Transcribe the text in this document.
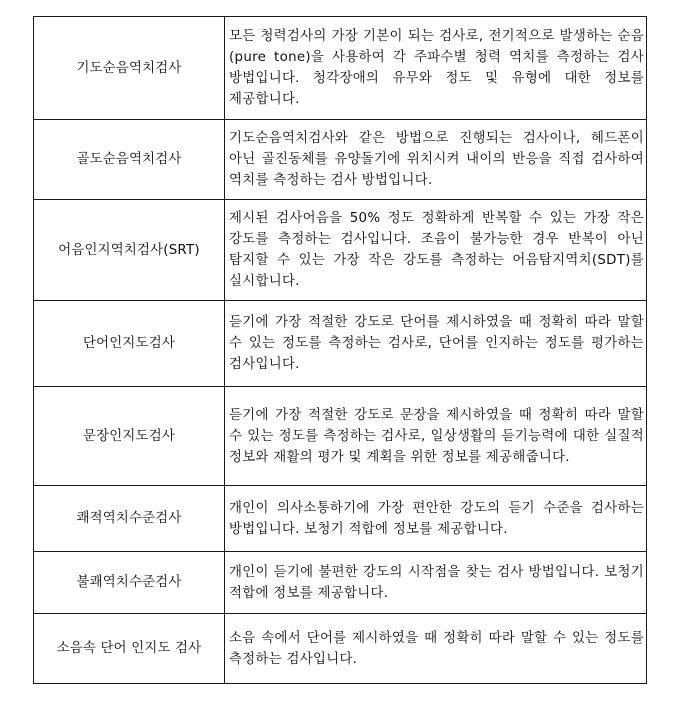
기도순음역치검사	모든 청력검사의 가장 기본이 되는 검사로, 전기적으로 발생하는 순음(pure tone)을 사용하여 각 주파수별 청력 역치를 측정하는 검사 방법입니다. 청각장애의 유무와 정도 및 유형에 대한 정보를 제공합니다.
골도순음역치검사	기도순음역치검사와 같은 방법으로 진행되는 검사이나, 헤드폰이 아닌 골진동체를 유양돌기에 위치시켜 내이의 반응을 직접 검사하여 역치를 측정하는 검사 방법입니다.
어음인지역치검사(SRT)	제시된 검사어음을 50% 정도 정확하게 반복할 수 있는 가장 작은 강도를 측정하는 검사입니다. 조음이 불가능한 경우 반복이 아닌 탐지할 수 있는 가장 작은 강도를 측정하는 어음탐지역치(SDT)를 실시합니다.
단어인지도검사	듣기에 가장 적절한 강도로 단어를 제시하였을 때 정확히 따라 말할 수 있는 정도를 측정하는 검사로, 단어를 인지하는 정도를 평가하는 검사입니다.
문장인지도검사	듣기에 가장 적절한 강도로 문장을 제시하였을 때 정확히 따라 말할 수 있는 정도를 측정하는 검사로, 일상생활의 듣기능력에 대한 실질적 정보와 재활의 평가 및 계획을 위한 정보를 제공해줍니다.
쾌적역치수준검사	개인이 의사소통하기에 가장 편안한 강도의 듣기 수준을 검사하는 방법입니다. 보청기 적합에 정보를 제공합니다.
불쾌역치수준검사	개인이 듣기에 불편한 강도의 시작점을 찾는 검사 방법입니다. 보청기 적합에 정보를 제공합니다.
소음속 단어 인지도 검사	소음 속에서 단어를 제시하였을 때 정확히 따라 말할 수 있는 정도를 측정하는 검사입니다.
